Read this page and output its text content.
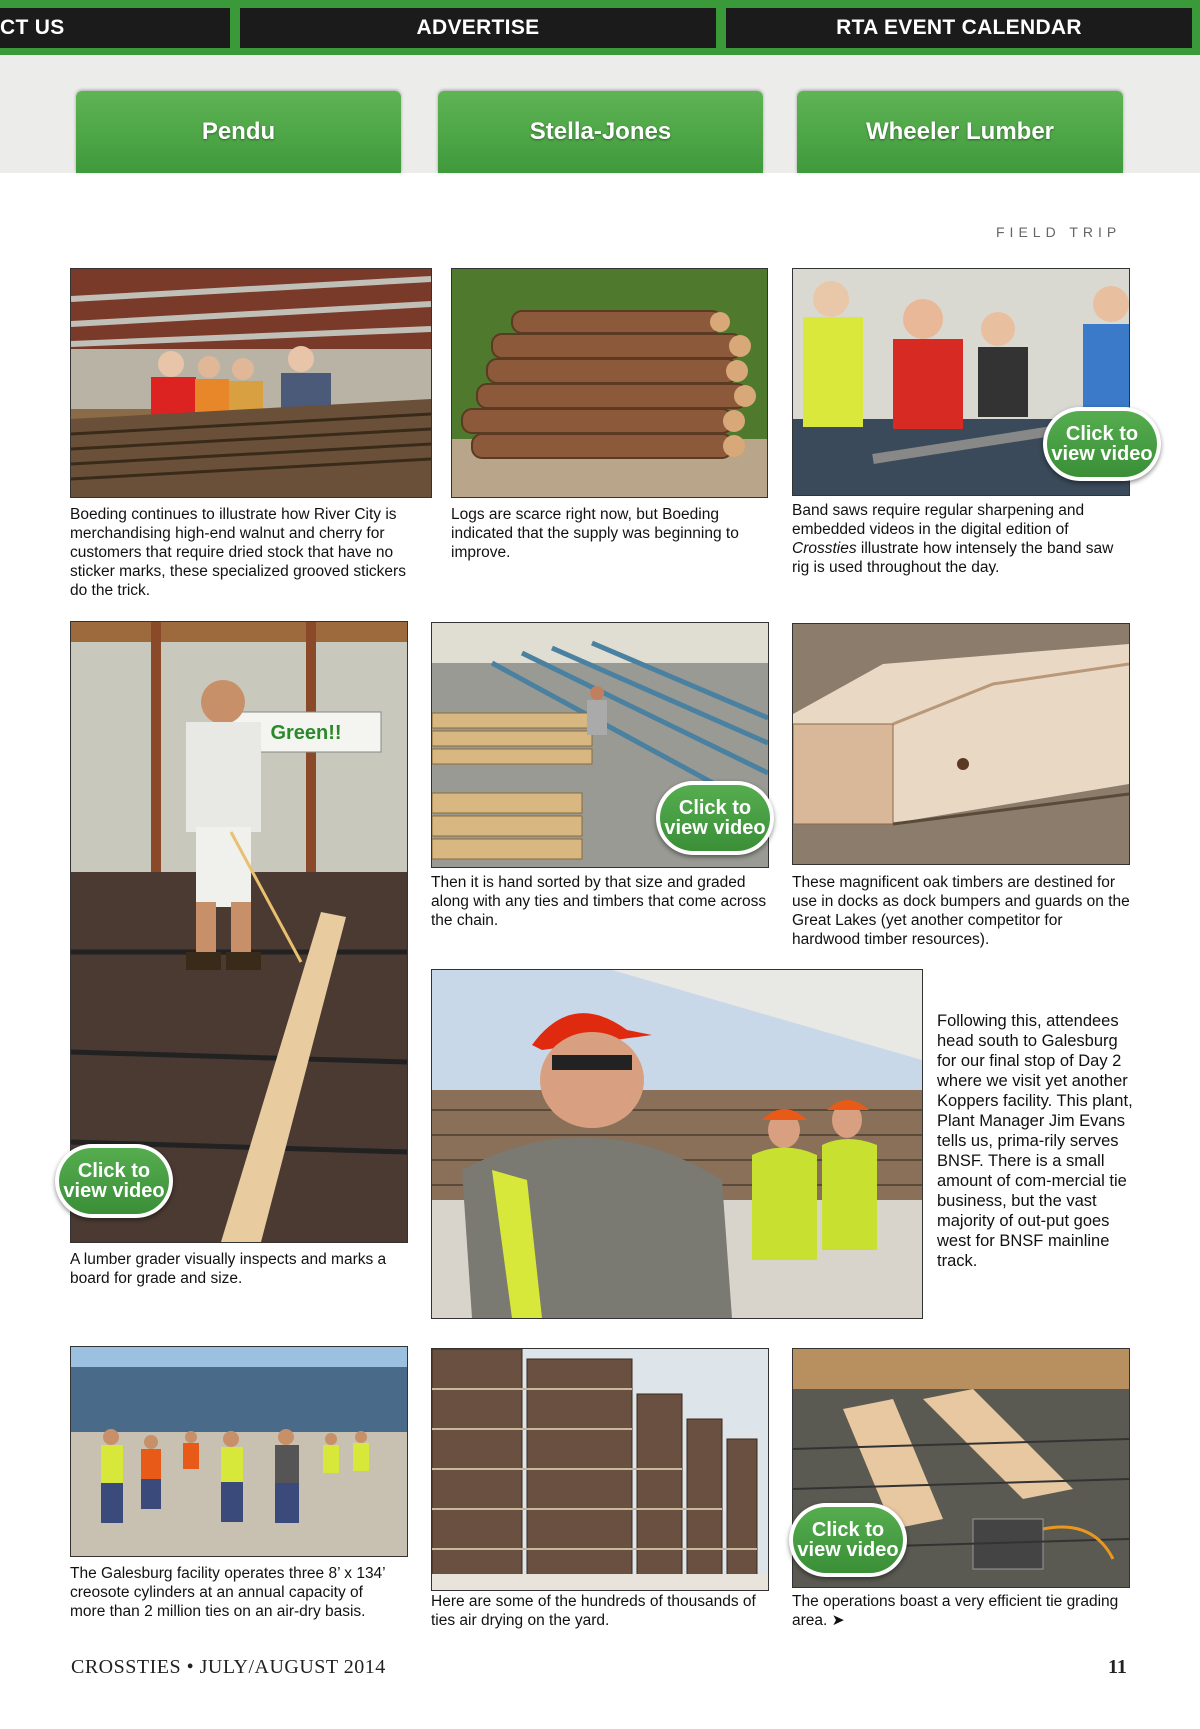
CT US	ADVERTISE	RTA EVENT CALENDAR
Pendu	Stella-Jones	Wheeler Lumber
FIELD TRIP
Boeding continues to illustrate how River City is merchandising high-end walnut and cherry for customers that require dried stock that have no sticker marks, these specialized grooved stickers do the trick.
Logs are scarce right now, but Boeding indicated that the supply was beginning to improve.
Band saws require regular sharpening and embedded videos in the digital edition of Crossties illustrate how intensely the band saw rig is used throughout the day.
Green!!
Then it is hand sorted by that size and graded along with any ties and timbers that come across the chain.
These magnificent oak timbers are destined for use in docks as dock bumpers and guards on the Great Lakes (yet another competitor for hardwood timber resources).
A lumber grader visually inspects and marks a board for grade and size.
Following this, attendees head south to Galesburg for our final stop of Day 2 where we visit yet another Koppers facility. This plant, Plant Manager Jim Evans tells us, prima-rily serves BNSF. There is a small amount of com-mercial tie business, but the vast majority of out-put goes west for BNSF mainline track.
The Galesburg facility operates three 8’ x 134’ creosote cylinders at an annual capacity of more than 2 million ties on an air-dry basis.
Here are some of the hundreds of thousands of ties air drying on the yard.
The operations boast a very efficient tie grading area. ➤
Click to
view video
Click to
view video
Click to
view video
Click to
view video
CROSSTIES • JULY/AUGUST 2014	11
